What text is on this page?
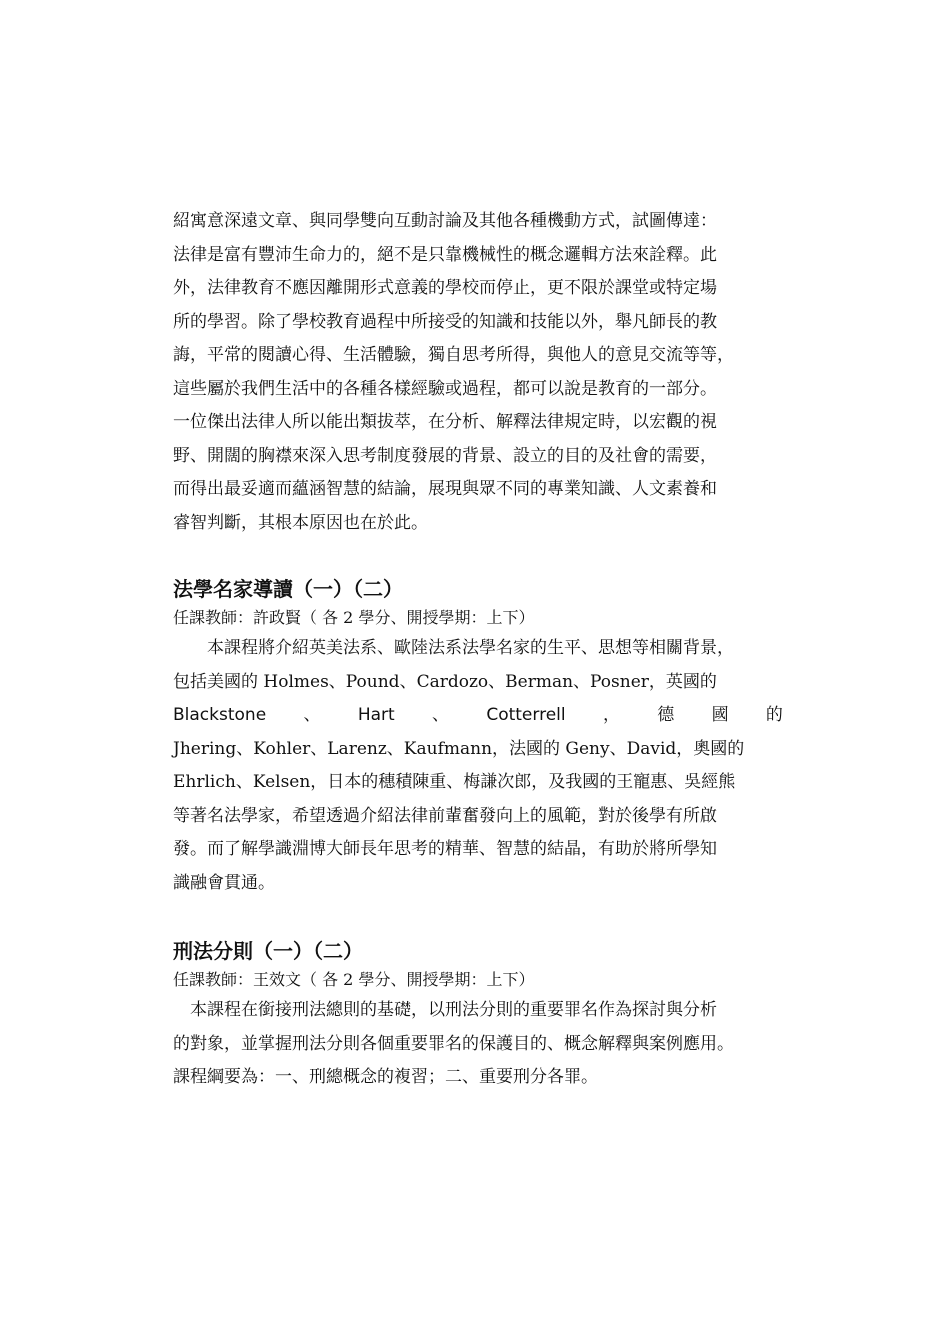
紹寓意深遠文章、與同學雙向互動討論及其他各種機動方式，試圖傳達：
法律是富有豐沛生命力的，絕不是只靠機械性的概念邏輯方法來詮釋。此
外，法律教育不應因離開形式意義的學校而停止，更不限於課堂或特定場
所的學習。除了學校教育過程中所接受的知識和技能以外，舉凡師長的教
誨，平常的閱讀心得、生活體驗，獨自思考所得，與他人的意見交流等等，
這些屬於我們生活中的各種各樣經驗或過程，都可以說是教育的一部分。
一位傑出法律人所以能出類拔萃，在分析、解釋法律規定時，以宏觀的視
野、開闊的胸襟來深入思考制度發展的背景、設立的目的及社會的需要，
而得出最妥適而蘊涵智慧的結論，展現與眾不同的專業知識、人文素養和
睿智判斷，其根本原因也在於此。
法學名家導讀（一）（二）
任課教師：許政賢（ 各 2 學分、開授學期：上下）
　　本課程將介紹英美法系、歐陸法系法學名家的生平、思想等相關背景，
包括美國的 Holmes、Pound、Cardozo、Berman、Posner，英國的
Blackstone 、 Hart 、 Cotterrell ， 德 國 的
Jhering、Kohler、Larenz、Kaufmann，法國的 Geny、David，奧國的
Ehrlich、Kelsen，日本的穗積陳重、梅謙次郎，及我國的王寵惠、吳經熊
等著名法學家，希望透過介紹法律前輩奮發向上的風範，對於後學有所啟
發。而了解學識淵博大師長年思考的精華、智慧的結晶，有助於將所學知
識融會貫通。
刑法分則（一）（二）
任課教師：王效文（ 各 2 學分、開授學期：上下）
　本課程在銜接刑法總則的基礎，以刑法分則的重要罪名作為探討與分析
的對象，並掌握刑法分則各個重要罪名的保護目的、概念解釋與案例應用。
課程綱要為：一、刑總概念的複習；二、重要刑分各罪。
